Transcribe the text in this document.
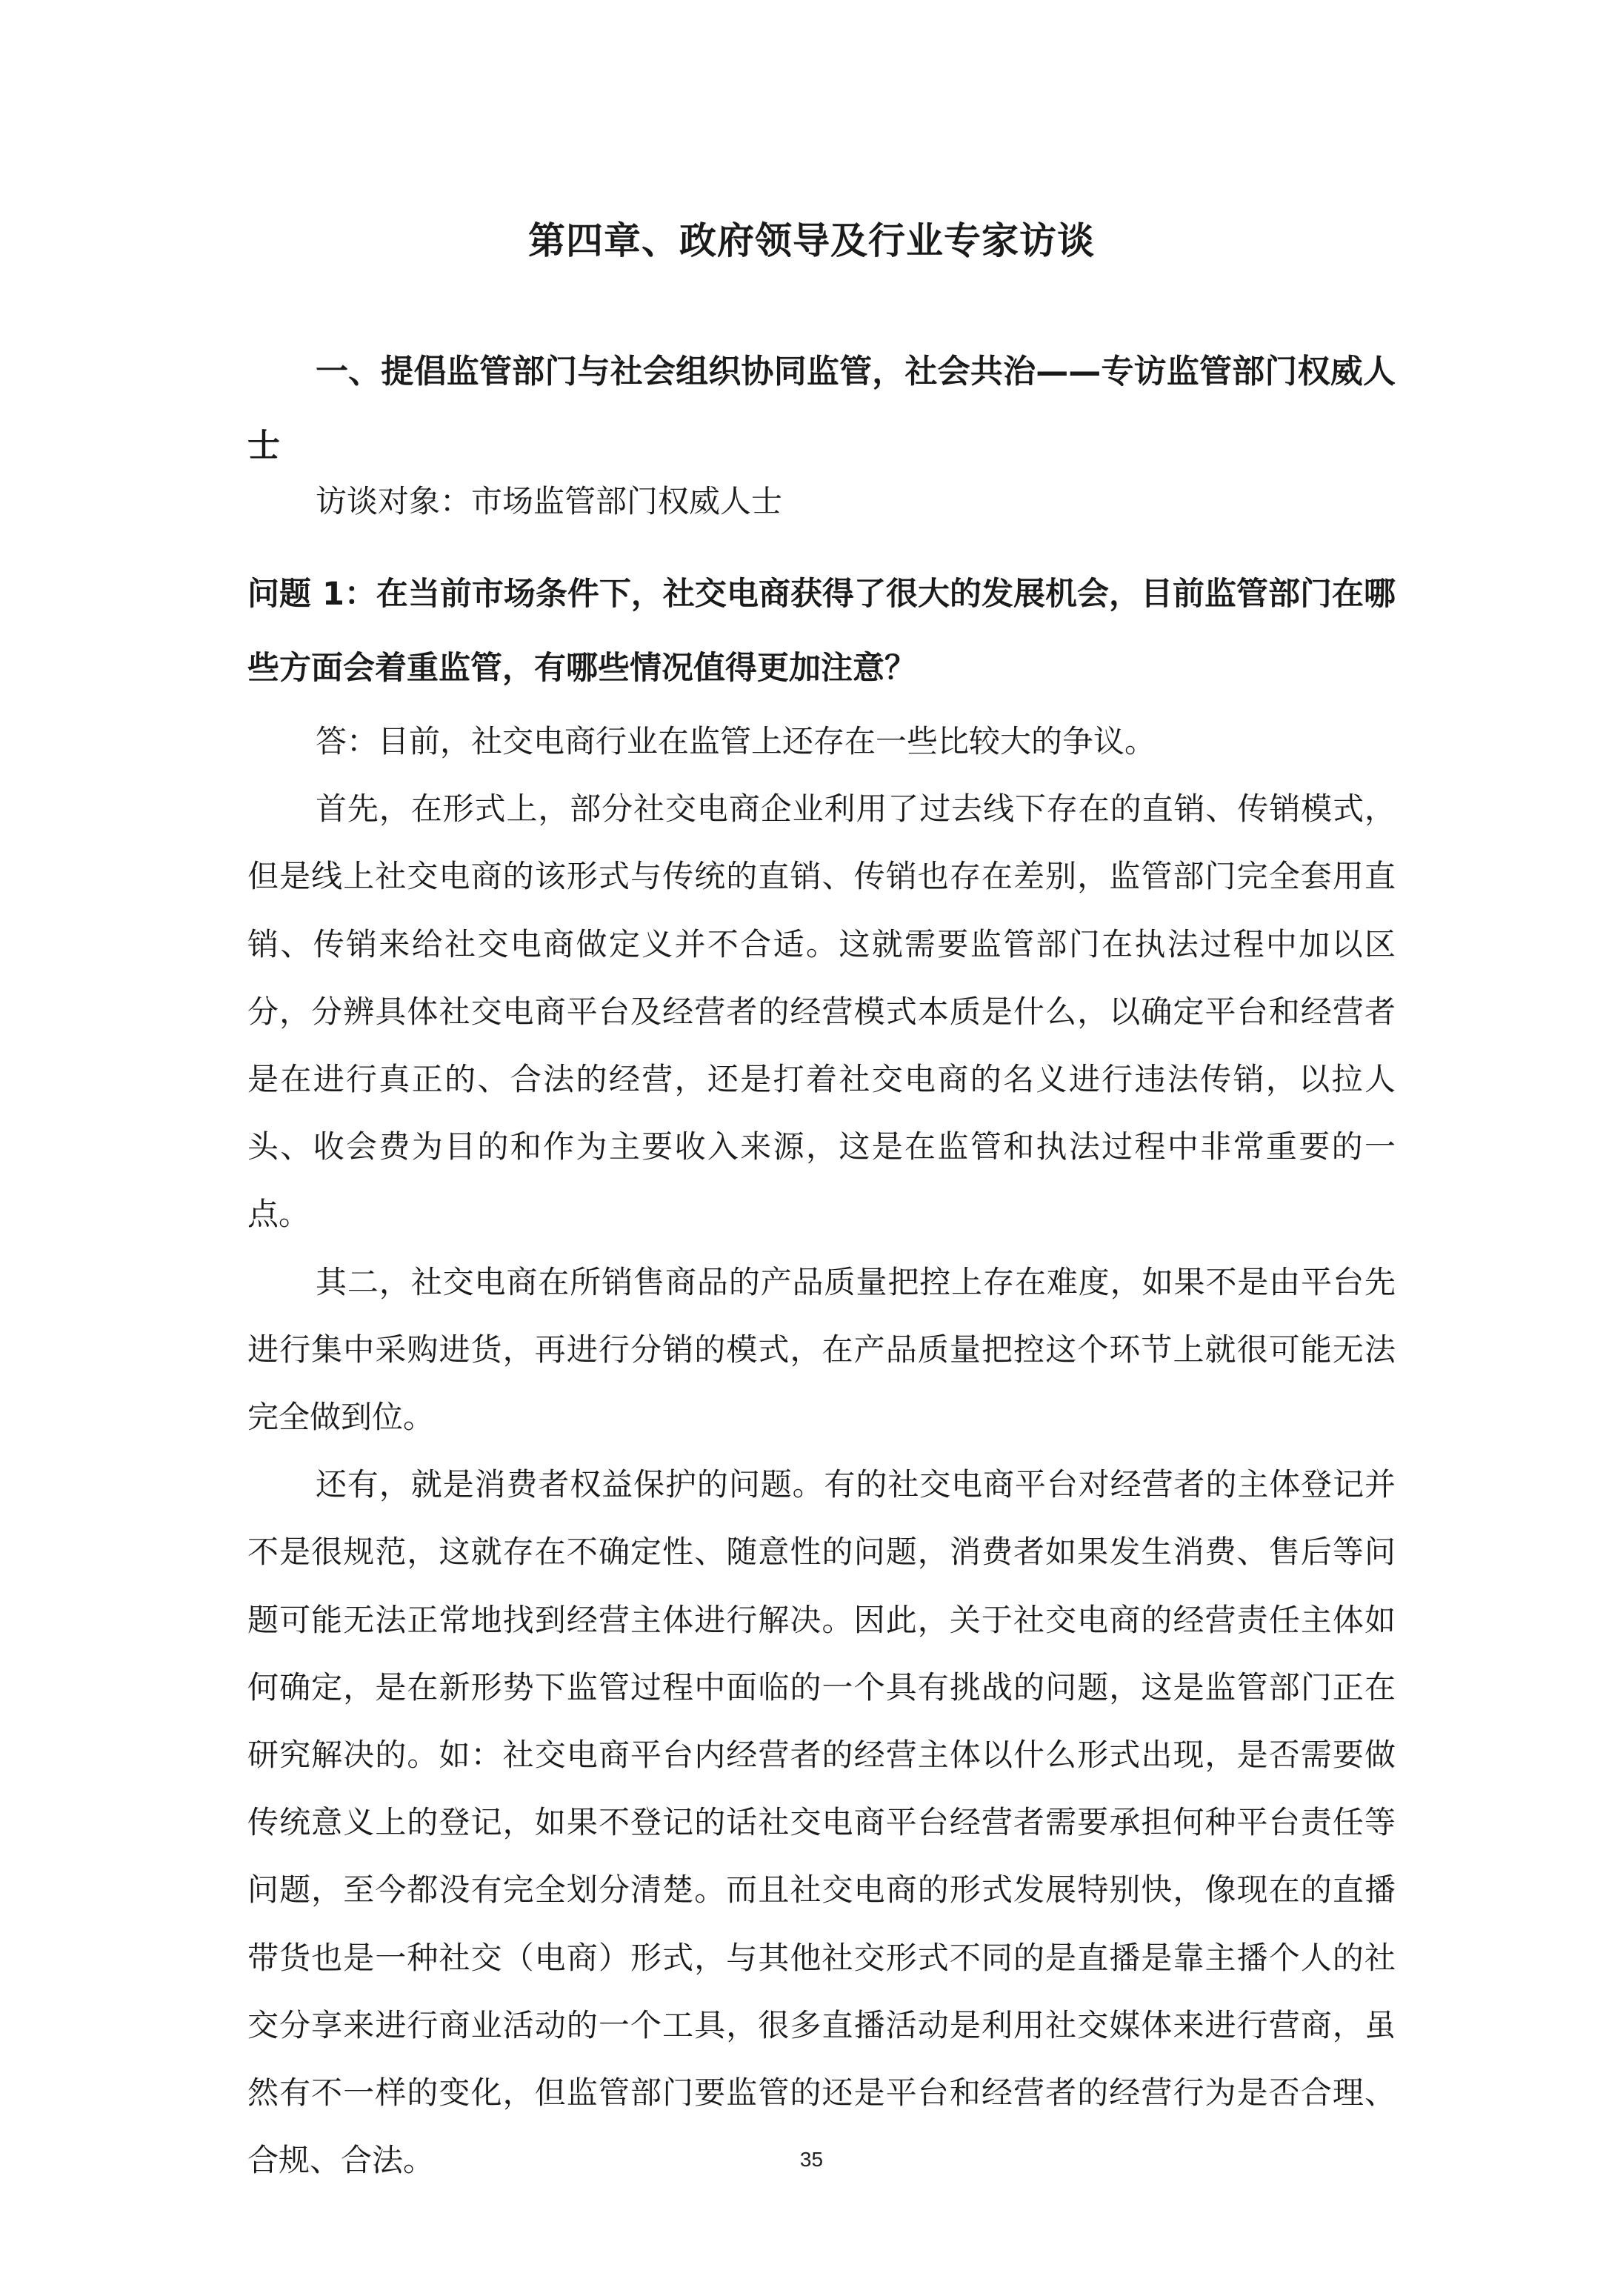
第四章、政府领导及行业专家访谈
一、提倡监管部门与社会组织协同监管，社会共治——专访监管部门权威人士
访谈对象：市场监管部门权威人士
问题 1：在当前市场条件下，社交电商获得了很大的发展机会，目前监管部门在哪些方面会着重监管，有哪些情况值得更加注意？

答：目前，社交电商行业在监管上还存在一些比较大的争议。

首先，在形式上，部分社交电商企业利用了过去线下存在的直销、传销模式，但是线上社交电商的该形式与传统的直销、传销也存在差别，监管部门完全套用直销、传销来给社交电商做定义并不合适。这就需要监管部门在执法过程中加以区分，分辨具体社交电商平台及经营者的经营模式本质是什么，以确定平台和经营者是在进行真正的、合法的经营，还是打着社交电商的名义进行违法传销，以拉人头、收会费为目的和作为主要收入来源，这是在监管和执法过程中非常重要的一点。

其二，社交电商在所销售商品的产品质量把控上存在难度，如果不是由平台先进行集中采购进货，再进行分销的模式，在产品质量把控这个环节上就很可能无法完全做到位。

还有，就是消费者权益保护的问题。有的社交电商平台对经营者的主体登记并不是很规范，这就存在不确定性、随意性的问题，消费者如果发生消费、售后等问题可能无法正常地找到经营主体进行解决。因此，关于社交电商的经营责任主体如何确定，是在新形势下监管过程中面临的一个具有挑战的问题，这是监管部门正在研究解决的。如：社交电商平台内经营者的经营主体以什么形式出现，是否需要做传统意义上的登记，如果不登记的话社交电商平台经营者需要承担何种平台责任等问题，至今都没有完全划分清楚。而且社交电商的形式发展特别快，像现在的直播带货也是一种社交（电商）形式，与其他社交形式不同的是直播是靠主播个人的社交分享来进行商业活动的一个工具，很多直播活动是利用社交媒体来进行营商，虽然有不一样的变化，但监管部门要监管的还是平台和经营者的经营行为是否合理、合规、合法。	35
